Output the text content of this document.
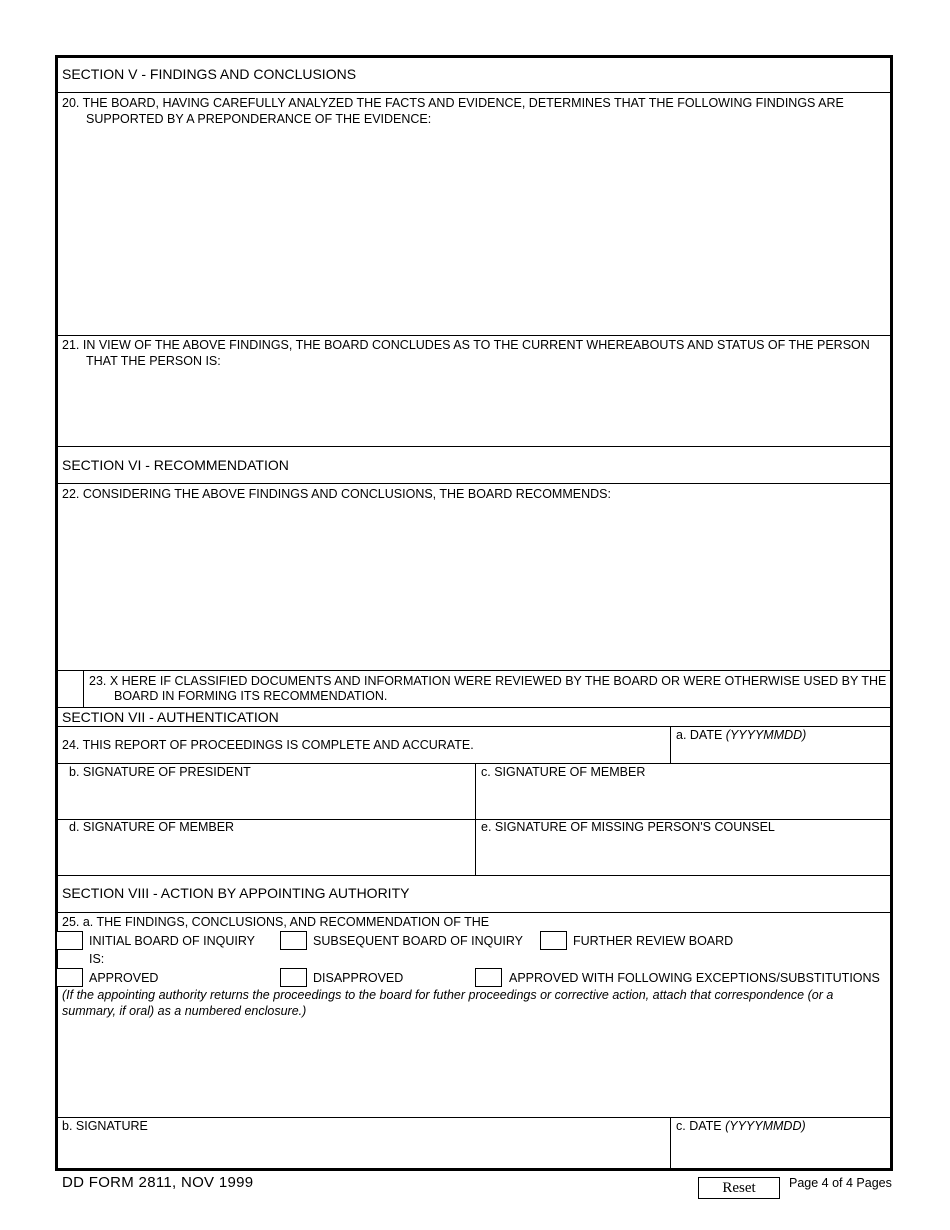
SECTION V - FINDINGS AND CONCLUSIONS
20. THE BOARD, HAVING CAREFULLY ANALYZED THE FACTS AND EVIDENCE, DETERMINES THAT THE FOLLOWING FINDINGS ARE
SUPPORTED BY A PREPONDERANCE OF THE EVIDENCE:
21. IN VIEW OF THE ABOVE FINDINGS, THE BOARD CONCLUDES AS TO THE CURRENT WHEREABOUTS AND STATUS OF THE PERSON
THAT THE PERSON IS:
SECTION VI - RECOMMENDATION
22. CONSIDERING THE ABOVE FINDINGS AND CONCLUSIONS, THE BOARD RECOMMENDS:
23. X HERE IF CLASSIFIED DOCUMENTS AND INFORMATION WERE REVIEWED BY THE BOARD OR WERE OTHERWISE USED BY THE
BOARD IN FORMING ITS RECOMMENDATION.
SECTION VII - AUTHENTICATION
24. THIS REPORT OF PROCEEDINGS IS COMPLETE AND ACCURATE.
a. DATE (YYYYMMDD)
b. SIGNATURE OF PRESIDENT	c. SIGNATURE OF MEMBER
d. SIGNATURE OF MEMBER	e. SIGNATURE OF MISSING PERSON'S COUNSEL
SECTION VIII - ACTION BY APPOINTING AUTHORITY
25. a. THE FINDINGS, CONCLUSIONS, AND RECOMMENDATION OF THE
INITIAL BOARD OF INQUIRY	SUBSEQUENT BOARD OF INQUIRY	FURTHER REVIEW BOARD
IS:
APPROVED	DISAPPROVED	APPROVED WITH FOLLOWING EXCEPTIONS/SUBSTITUTIONS
(If the appointing authority returns the proceedings to the board for futher proceedings or corrective action, attach that correspondence (or a summary, if oral) as a numbered enclosure.)
b. SIGNATURE	c. DATE (YYYYMMDD)
DD FORM 2811, NOV 1999	Reset	Page 4 of 4 Pages
